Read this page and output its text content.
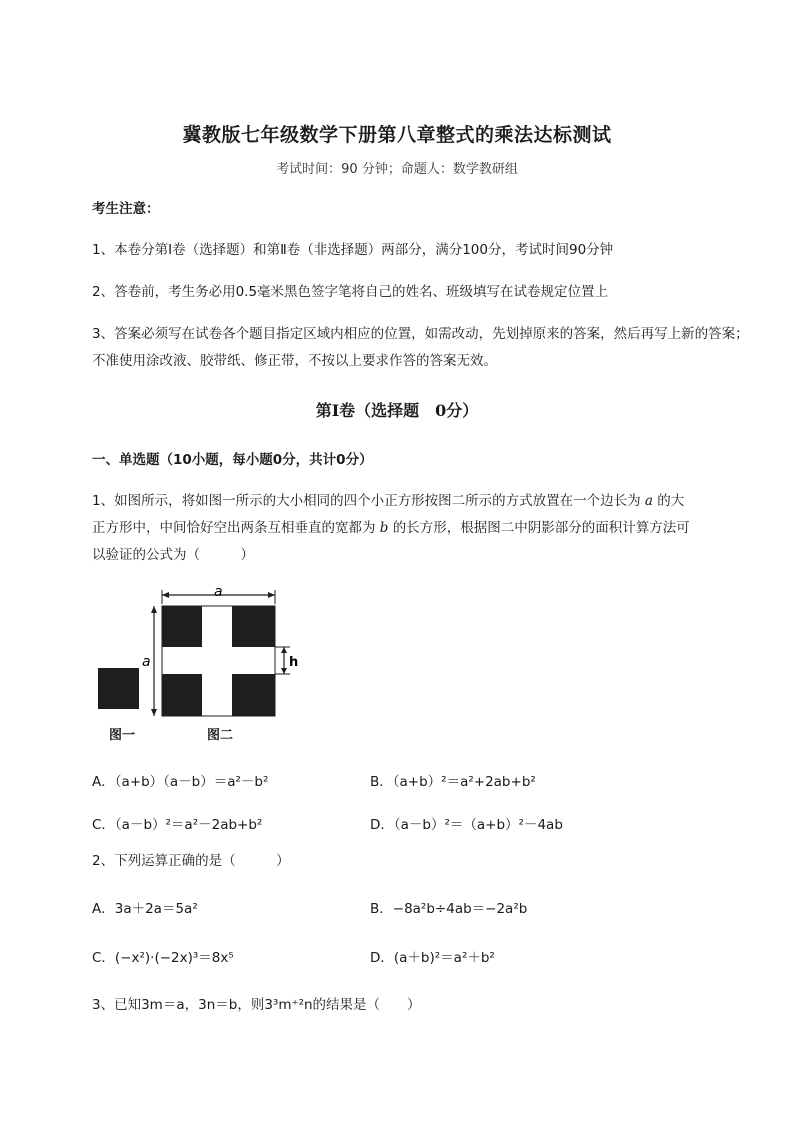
冀教版七年级数学下册第八章整式的乘法达标测试
考试时间：90 分钟；命题人：数学教研组
考生注意：
1、本卷分第Ⅰ卷（选择题）和第Ⅱ卷（非选择题）两部分，满分100分，考试时间90分钟
2、答卷前，考生务必用0.5毫米黑色签字笔将自己的姓名、班级填写在试卷规定位置上
3、答案必须写在试卷各个题目指定区域内相应的位置，如需改动，先划掉原来的答案，然后再写上新的答案；不准使用涂改液、胶带纸、修正带，不按以上要求作答的答案无效。
第Ⅰ卷（选择题　0分）
一、单选题（10小题，每小题0分，共计0分）
1、如图所示，将如图一所示的大小相同的四个小正方形按图二所示的方式放置在一个边长为 a 的大
正方形中，中间恰好空出两条互相垂直的宽都为 b 的长方形，根据图二中阴影部分的面积计算方法可
以验证的公式为（　　　）
a
a	h
图一	图二
A．（a+b）（a－b）＝a²－b²	B．（a+b）²＝a²+2ab+b²
C．（a－b）²＝a²－2ab+b²	D．（a－b）²＝（a+b）²－4ab
2、下列运算正确的是（　　　）
A．3a＋2a＝5a²	B．−8a²b÷4ab＝−2a²b
C．(−x²)·(−2x)³＝8x⁵	D．(a＋b)²＝a²＋b²
3、已知3m＝a，3n＝b，则3³m⁺²n的结果是（　　）
